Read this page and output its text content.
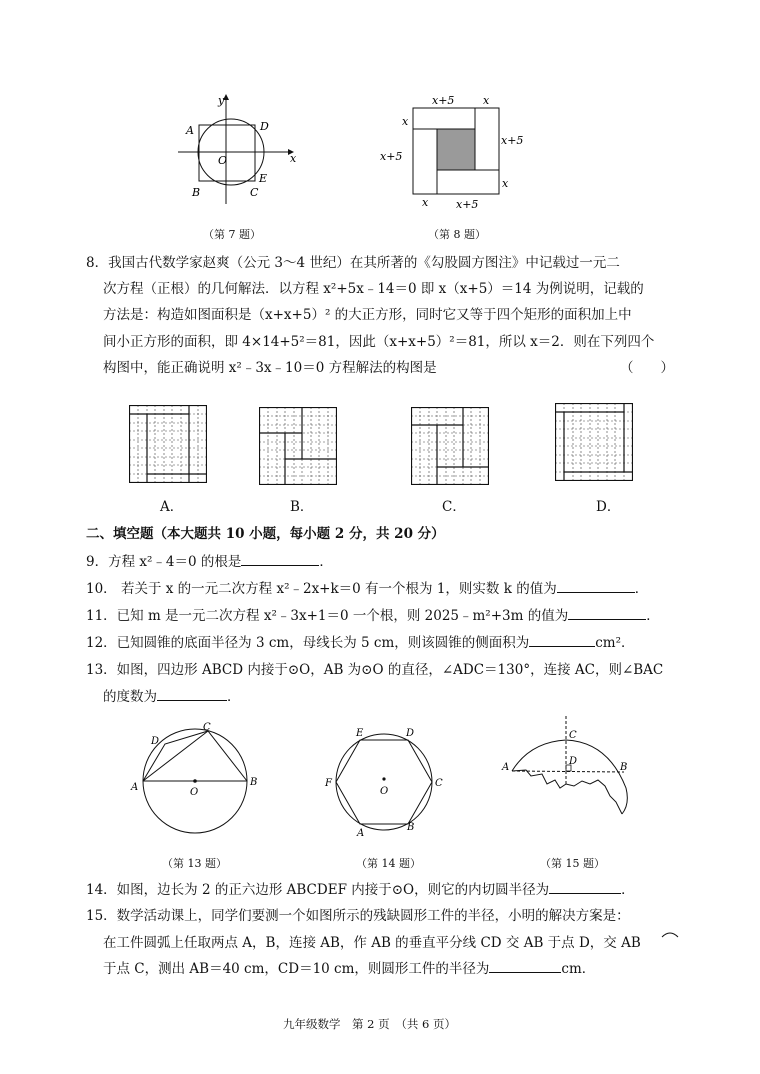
y
x
A	D
O
E
B	C
（第 7 题）
x+5	x
x
x+5
x+5
x
x	x+5
（第 8 题）
8．我国古代数学家赵爽（公元 3～4 世纪）在其所著的《勾股圆方图注》中记载过一元二
次方程（正根）的几何解法．以方程 x²+5x﹣14＝0 即 x（x+5）＝14 为例说明，记载的
方法是：构造如图面积是（x+x+5）² 的大正方形，同时它又等于四个矩形的面积加上中
间小正方形的面积，即 4×14+5²＝81，因此（x+x+5）²＝81，所以 x＝2．则在下列四个
构图中，能正确说明 x²﹣3x﹣10＝0 方程解法的构图是	（　　）
A．	B．	C．	D．
二、填空题（本大题共 10 小题，每小题 2 分，共 20 分）
9．方程 x²﹣4＝0 的根是	．
10． 若关于 x 的一元二次方程 x²﹣2x+k＝0 有一个根为 1，则实数 k 的值为	．
11．已知 m 是一元二次方程 x²﹣3x+1＝0 一个根，则 2025﹣m²+3m 的值为	．
12．已知圆锥的底面半径为 3 cm，母线长为 5 cm，则该圆锥的侧面积为	cm²．
13．如图，四边形 ABCD 内接于⊙O，AB 为⊙O 的直径，∠ADC＝130°，连接 AC，则∠BAC
的度数为	．
A	B
C
D
O
（第 13 题）
E	D
F	C
A
B
O
（第 14 题）
A	B
C
D
（第 15 题）
14．如图，边长为 2 的正六边形 ABCDEF 内接于⊙O，则它的内切圆半径为	．
15．数学活动课上，同学们要测一个如图所示的残缺圆形工件的半径，小明的解决方案是：
在工件圆弧上任取两点 A，B，连接 AB，作 AB 的垂直平分线 CD 交 AB 于点 D，交 AB
于点 C，测出 AB＝40 cm，CD＝10 cm，则圆形工件的半径为	cm．
九年级数学　第 2 页　（共 6 页）
